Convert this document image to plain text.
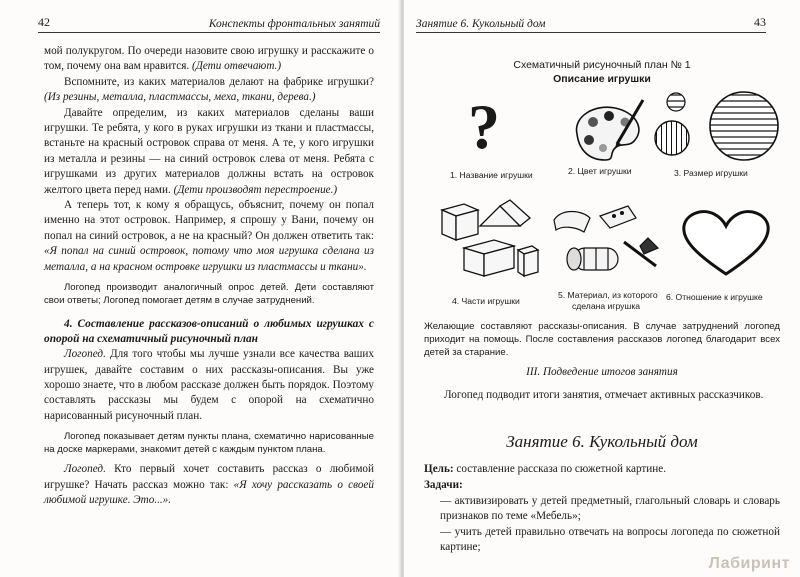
42	Конспекты фронтальных занятий

мой полукругом. По очереди назовите свою игрушку и расскажите о том, почему она вам нравится. (Дети отвечают.)

Вспомните, из каких материалов делают на фабрике игрушки? (Из резины, металла, пластмассы, меха, ткани, дерева.)

Давайте определим, из каких материалов сделаны ваши игрушки. Те ребята, у кого в руках игрушки из ткани и пластмассы, встаньте на красный островок справа от меня. А те, у кого игрушки из металла и резины — на синий островок слева от меня. Ребята с игрушками из других материалов должны встать на островок желтого цвета перед нами. (Дети производят перестроение.)

А теперь тот, к кому я обращусь, объяснит, почему он попал именно на этот островок. Например, я спрошу у Вани, почему он попал на синий островок, а не на красный? Он должен ответить так: «Я попал на синий островок, потому что моя игрушка сделана из металла, а на красном островке игрушки из пластмассы и ткани».

Логопед производит аналогичный опрос детей. Дети составляют свои ответы; Логопед помогает детям в случае затруднений.

4. Составление рассказов-описаний о любимых игрушках с опорой на схематичный рисуночный план

Логопед. Для того чтобы мы лучше узнали все качества ваших игрушек, давайте составим о них рассказы-описания. Вы уже хорошо знаете, что в любом рассказе должен быть порядок. Поэтому составлять рассказы мы будем с опорой на схематично нарисованный рисуночный план.

Логопед показывает детям пункты плана, схематично нарисованные на доске маркерами, знакомит детей с каждым пунктом плана.

Логопед. Кто первый хочет составить рассказ о любимой игрушке? Начать рассказ можно так: «Я хочу рассказать о своей любимой игрушке. Это...».

Занятие 6. Кукольный дом	43
Схематичный рисуночный план № 1
Описание игрушки
?
1. Название игрушки	2. Цвет игрушки	3. Размер игрушки
4. Части игрушки
5. Материал, из которого
сделана игрушка
6. Отношение к игрушке
Желающие составляют рассказы-описания. В случае затруднений логопед приходит на помощь. После составления рассказов логопед благодарит всех детей за старание.
III. Подведение итогов занятия
Логопед подводит итоги занятия, отмечает активных рассказчиков.
Занятие 6. Кукольный дом
Цель: составление рассказа по сюжетной картине.
Задачи:
— активизировать у детей предметный, глагольный словарь и словарь признаков по теме «Мебель»;
— учить детей правильно отвечать на вопросы логопеда по сюжетной картине;
Лабиринт
